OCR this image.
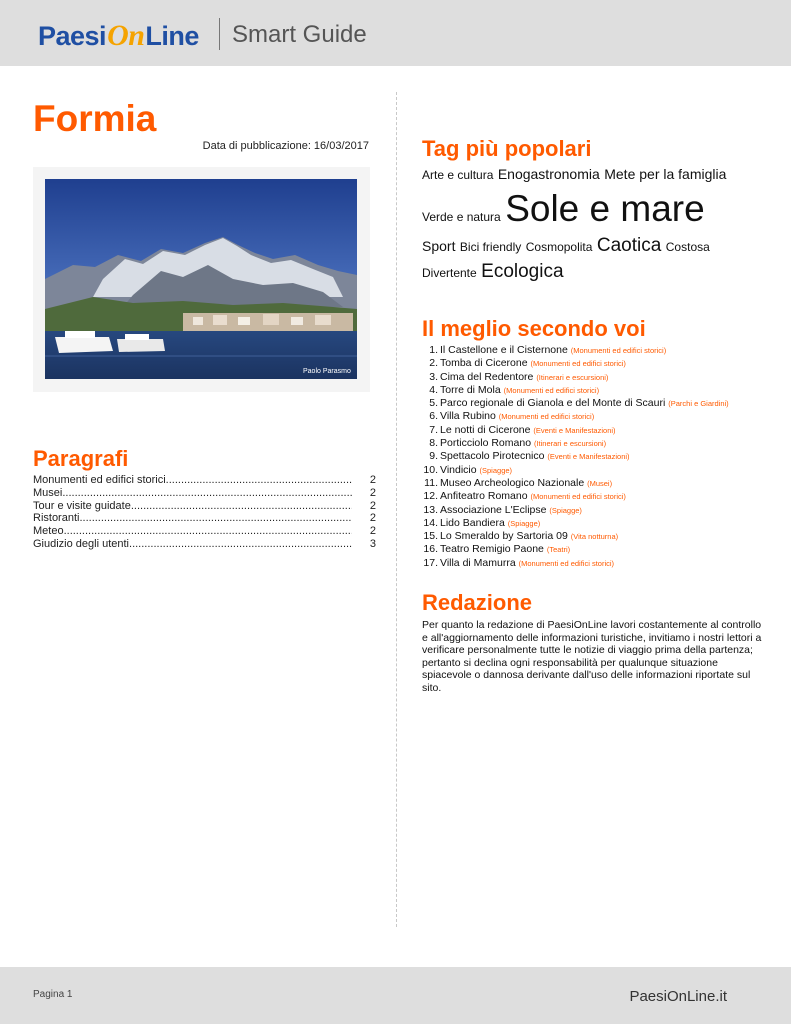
PaesiOnLine	Smart Guide
Formia
Data di pubblicazione: 16/03/2017
Paolo Parasmo
Paragrafi
Monumenti ed edifici storici .....	2
Musei .....	2
Tour e visite guidate .....	2
Ristoranti .....	2
Meteo .....	2
Giudizio degli utenti .....	3
Tag più popolari
Arte e cultura Enogastronomia Mete per la famiglia
Verde e natura Sole e mare
Sport Bici friendly Cosmopolita Caotica Costosa
Divertente Ecologica
Il meglio secondo voi
1. Il Castellone e il Cisternone (Monumenti ed edifici storici)
2. Tomba di Cicerone (Monumenti ed edifici storici)
3. Cima del Redentore (Itinerari e escursioni)
4. Torre di Mola (Monumenti ed edifici storici)
5. Parco regionale di Gianola e del Monte di Scauri (Parchi e Giardini)
6. Villa Rubino (Monumenti ed edifici storici)
7. Le notti di Cicerone (Eventi e Manifestazioni)
8. Porticciolo Romano (Itinerari e escursioni)
9. Spettacolo Pirotecnico (Eventi e Manifestazioni)
10. Vindicio (Spiagge)
11. Museo Archeologico Nazionale (Musei)
12. Anfiteatro Romano (Monumenti ed edifici storici)
13. Associazione L'Eclipse (Spiagge)
14. Lido Bandiera (Spiagge)
15. Lo Smeraldo by Sartoria 09 (Vita notturna)
16. Teatro Remigio Paone (Teatri)
17. Villa di Mamurra (Monumenti ed edifici storici)
Redazione
Per quanto la redazione di PaesiOnLine lavori costantemente al controllo e all'aggiornamento delle informazioni turistiche, invitiamo i nostri lettori a verificare personalmente tutte le notizie di viaggio prima della partenza; pertanto si declina ogni responsabilità per qualunque situazione spiacevole o dannosa derivante dall'uso delle informazioni riportate sul sito.
Pagina 1	PaesiOnLine.it
